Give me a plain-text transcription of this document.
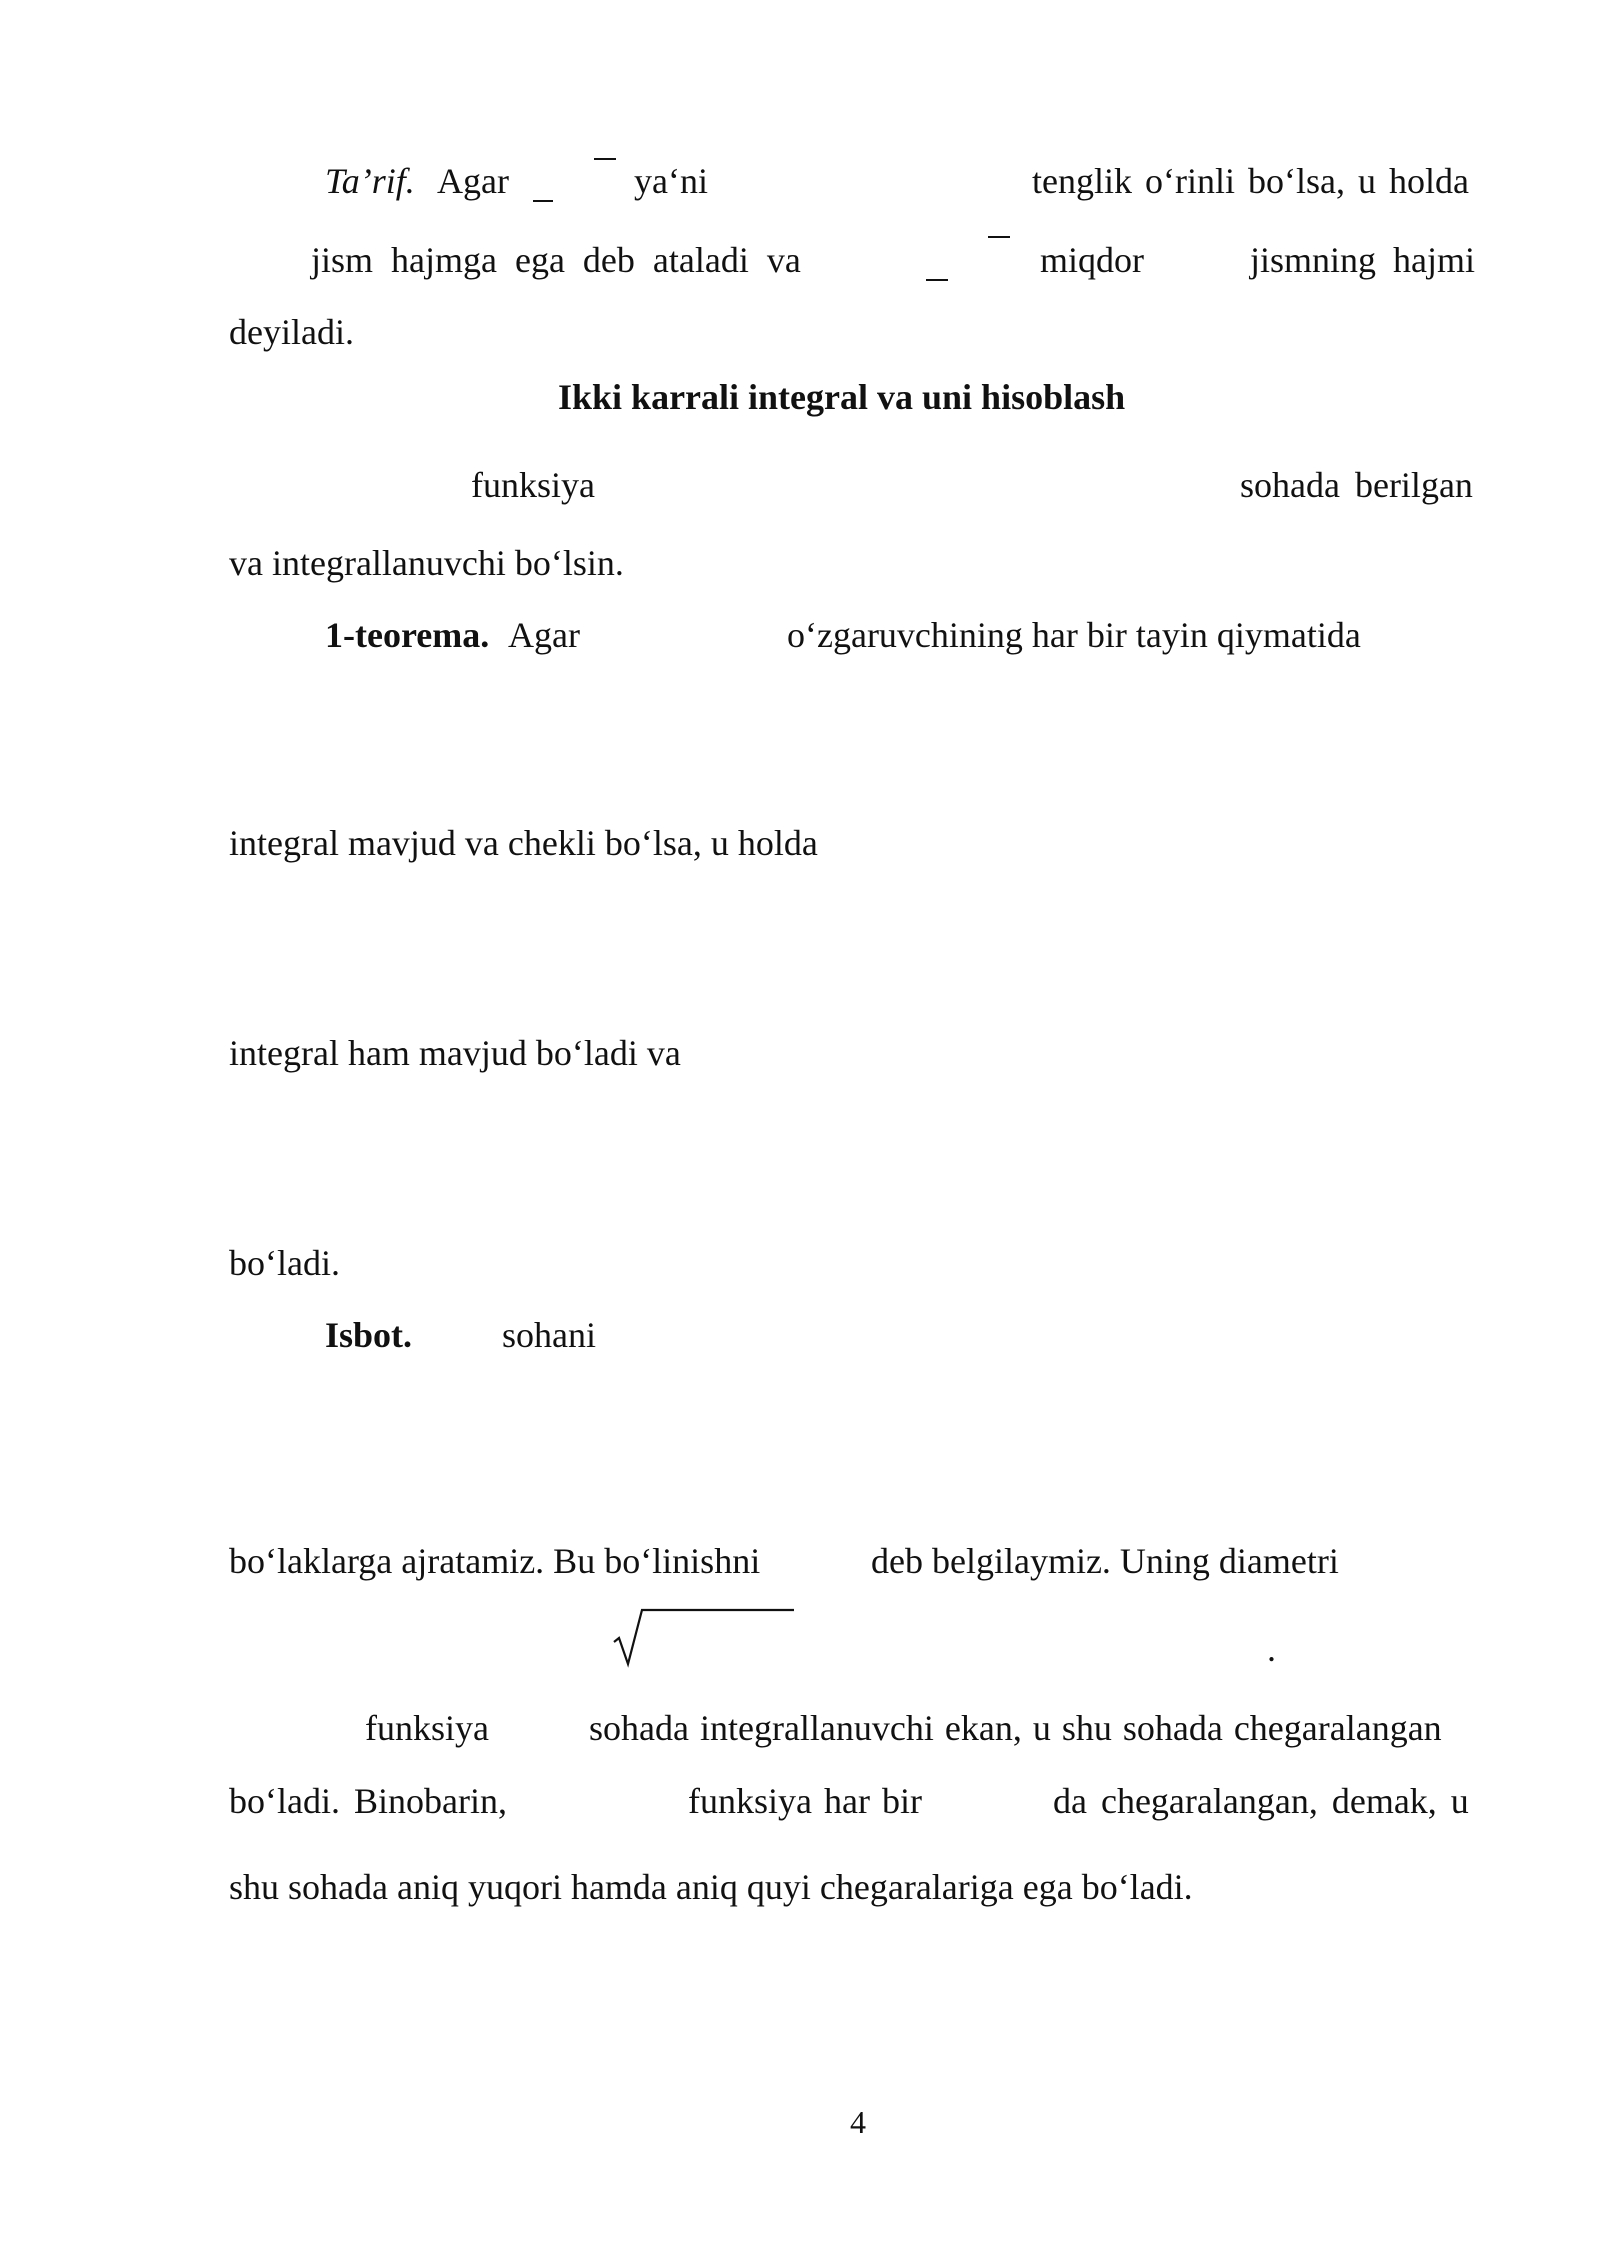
Ta’rif. Agar	ya‘ni	tenglik o‘rinli bo‘lsa, u holda
jism hajmga ega deb ataladi va	miqdor	jismning hajmi
deyiladi.
Ikki karrali integral va uni hisoblash
funksiya	sohada berilgan
va integrallanuvchi bo‘lsin.
1-teorema. Agar	o‘zgaruvchining har bir tayin qiymatida
integral mavjud va chekli bo‘lsa, u holda
integral ham mavjud bo‘ladi va
bo‘ladi.
Isbot. sohani
bo‘laklarga ajratamiz. Bu bo‘linishni	deb belgilaymiz. Uning diametri
.
funksiya	sohada integrallanuvchi ekan, u shu sohada chegaralangan
bo‘ladi. Binobarin,	funksiya har bir	da chegaralangan, demak, u
shu sohada aniq yuqori hamda aniq quyi chegaralariga ega bo‘ladi.
4
